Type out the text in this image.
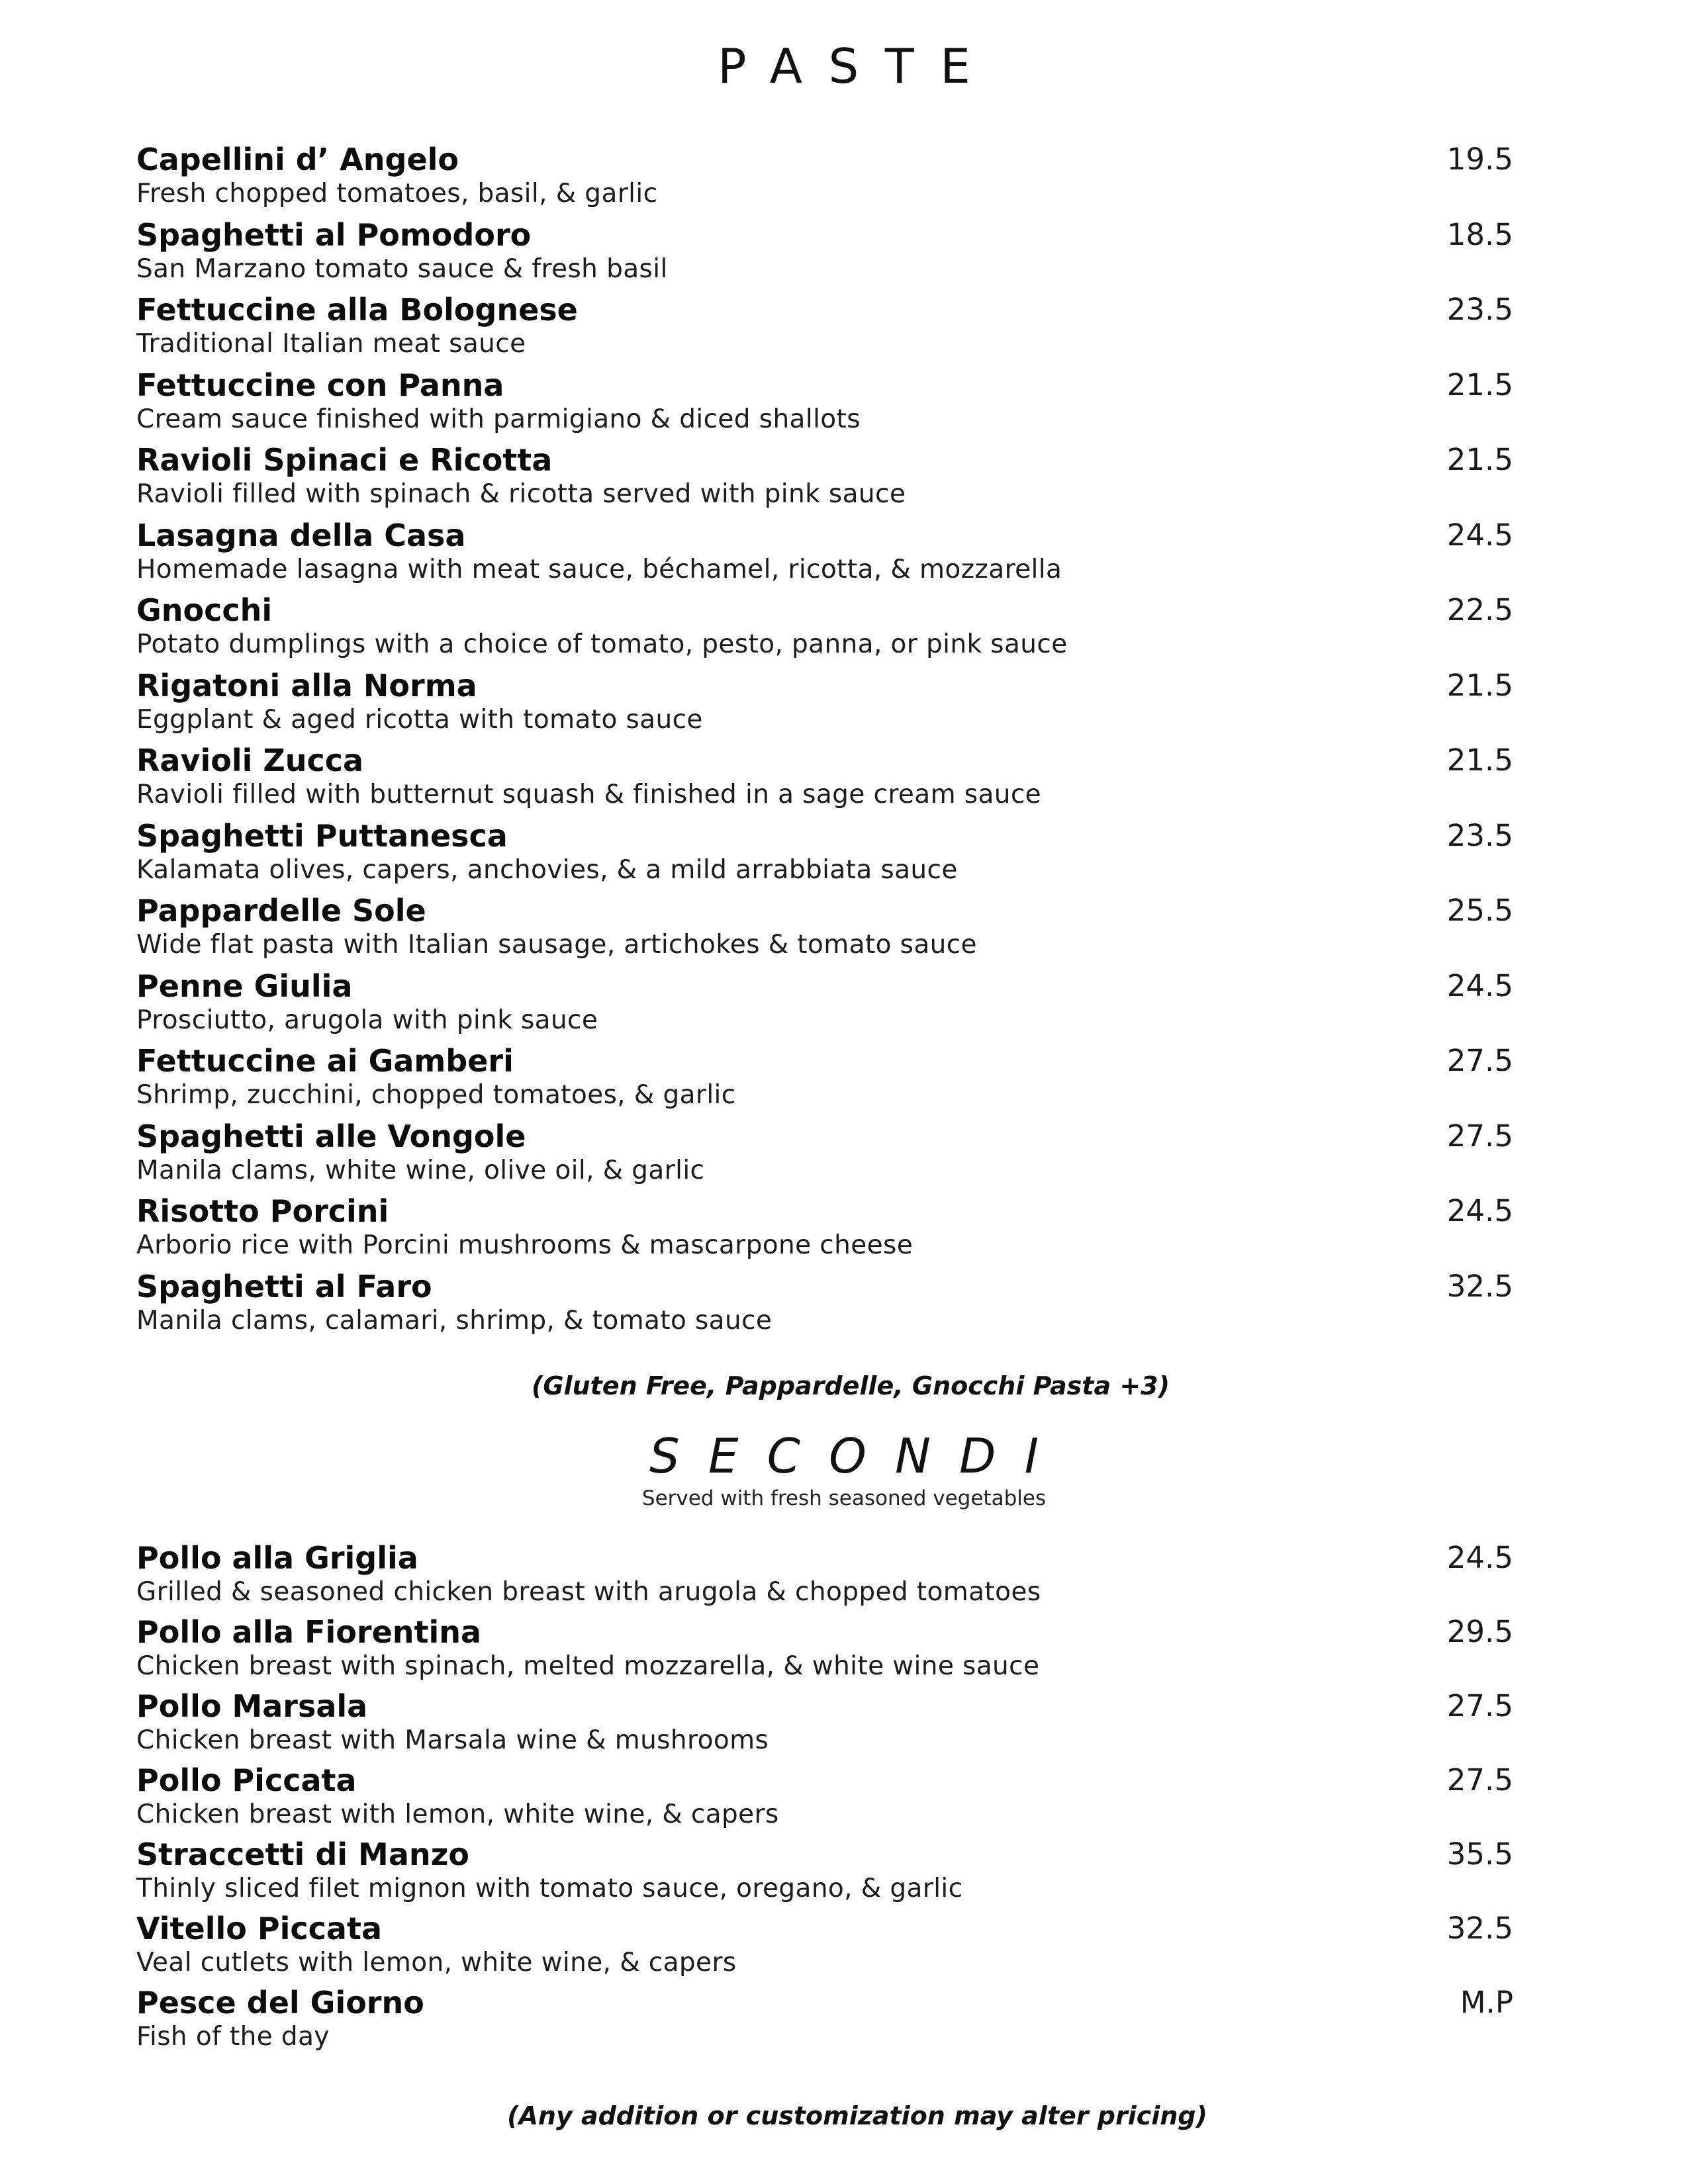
PASTE
Capellini d’ Angelo
Fresh chopped tomatoes, basil, & garlic
19.5
Spaghetti al Pomodoro
San Marzano tomato sauce & fresh basil
18.5
Fettuccine alla Bolognese
Traditional Italian meat sauce
23.5
Fettuccine con Panna
Cream sauce finished with parmigiano & diced shallots
21.5
Ravioli Spinaci e Ricotta
Ravioli filled with spinach & ricotta served with pink sauce
21.5
Lasagna della Casa
Homemade lasagna with meat sauce, béchamel, ricotta, & mozzarella
24.5
Gnocchi
Potato dumplings with a choice of tomato, pesto, panna, or pink sauce
22.5
Rigatoni alla Norma
Eggplant & aged ricotta with tomato sauce
21.5
Ravioli Zucca
Ravioli filled with butternut squash & finished in a sage cream sauce
21.5
Spaghetti Puttanesca
Kalamata olives, capers, anchovies, & a mild arrabbiata sauce
23.5
Pappardelle Sole
Wide flat pasta with Italian sausage, artichokes & tomato sauce
25.5
Penne Giulia
Prosciutto, arugola with pink sauce
24.5
Fettuccine ai Gamberi
Shrimp, zucchini, chopped tomatoes, & garlic
27.5
Spaghetti alle Vongole
Manila clams, white wine, olive oil, & garlic
27.5
Risotto Porcini
Arborio rice with Porcini mushrooms & mascarpone cheese
24.5
Spaghetti al Faro
Manila clams, calamari, shrimp, & tomato sauce
32.5
(Gluten Free, Pappardelle, Gnocchi Pasta +3)
SECONDI
Served with fresh seasoned vegetables
Pollo alla Griglia
Grilled & seasoned chicken breast with arugola & chopped tomatoes
24.5
Pollo alla Fiorentina
Chicken breast with spinach, melted mozzarella, & white wine sauce
29.5
Pollo Marsala
Chicken breast with Marsala wine & mushrooms
27.5
Pollo Piccata
Chicken breast with lemon, white wine, & capers
27.5
Straccetti di Manzo
Thinly sliced filet mignon with tomato sauce, oregano, & garlic
35.5
Vitello Piccata
Veal cutlets with lemon, white wine, & capers
32.5
Pesce del Giorno
Fish of the day
M.P
(Any addition or customization may alter pricing)
